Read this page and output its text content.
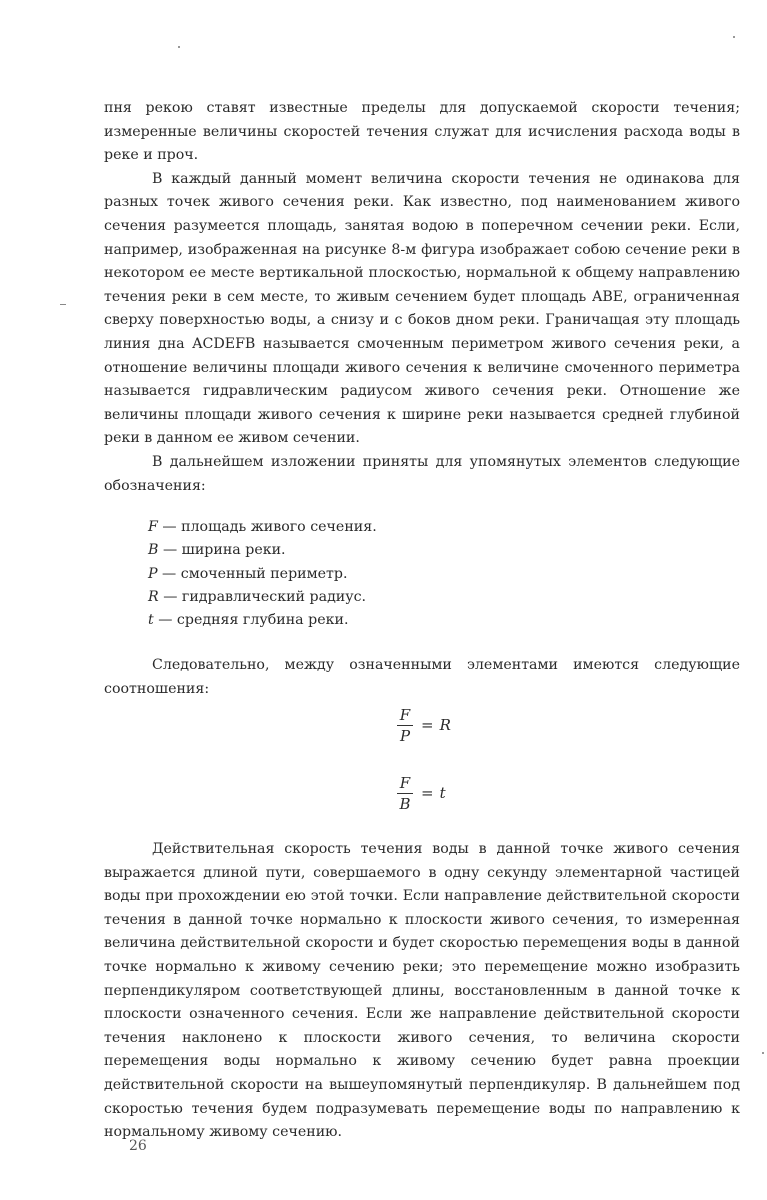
пня рекою ставят известные пределы для допускаемой скорости течения; измеренные величины скоростей течения служат для исчисления расхода воды в реке и проч.

В каждый данный момент величина скорости течения не одинакова для разных точек живого сечения реки. Как известно, под наименованием живого сечения разумеется площадь, занятая водою в поперечном сечении реки. Если, например, изображенная на рисунке 8-м фигура изображает собою сечение реки в некотором ее месте вертикальной плоскостью, нормальной к общему направлению течения реки в сем месте, то живым сечением будет площадь ABE, ограниченная сверху поверхностью воды, а снизу и с боков дном реки. Граничащая эту площадь линия дна ACDEFB называется смоченным периметром живого сечения реки, а отношение величины площади живого сечения к величине смоченного периметра называется гидравлическим радиусом живого сечения реки. Отношение же величины площади живого сечения к ширине реки называется средней глубиной реки в данном ее живом сечении.

В дальнейшем изложении приняты для упомянутых элементов следующие обозначения:

F — площадь живого сечения.
B — ширина реки.
P — смоченный периметр.
R — гидравлический радиус.
t — средняя глубина реки.

Следовательно, между означенными элементами имеются следующие соотношения:

$\frac{F}{P} = R$
$\frac{F}{B} = t$

Действительная скорость течения воды в данной точке живого сечения выражается длиной пути, совершаемого в одну секунду элементарной частицей воды при прохождении ею этой точки. Если направление действительной скорости течения в данной точке нормально к плоскости живого сечения, то измеренная величина действительной скорости и будет скоростью перемещения воды в данной точке нормально к живому сечению реки; это перемещение можно изобразить перпендикуляром соответствующей длины, восстановленным в данной точке к плоскости означенного сечения. Если же направление действительной скорости течения наклонено к плоскости живого сечения, то величина скорости перемещения воды нормально к живому сечению будет равна проекции действительной скорости на вышеупомянутый перпендикуляр. В дальнейшем под скоростью течения будем подразумевать перемещение воды по направлению к нормальному живому сечению.

26
